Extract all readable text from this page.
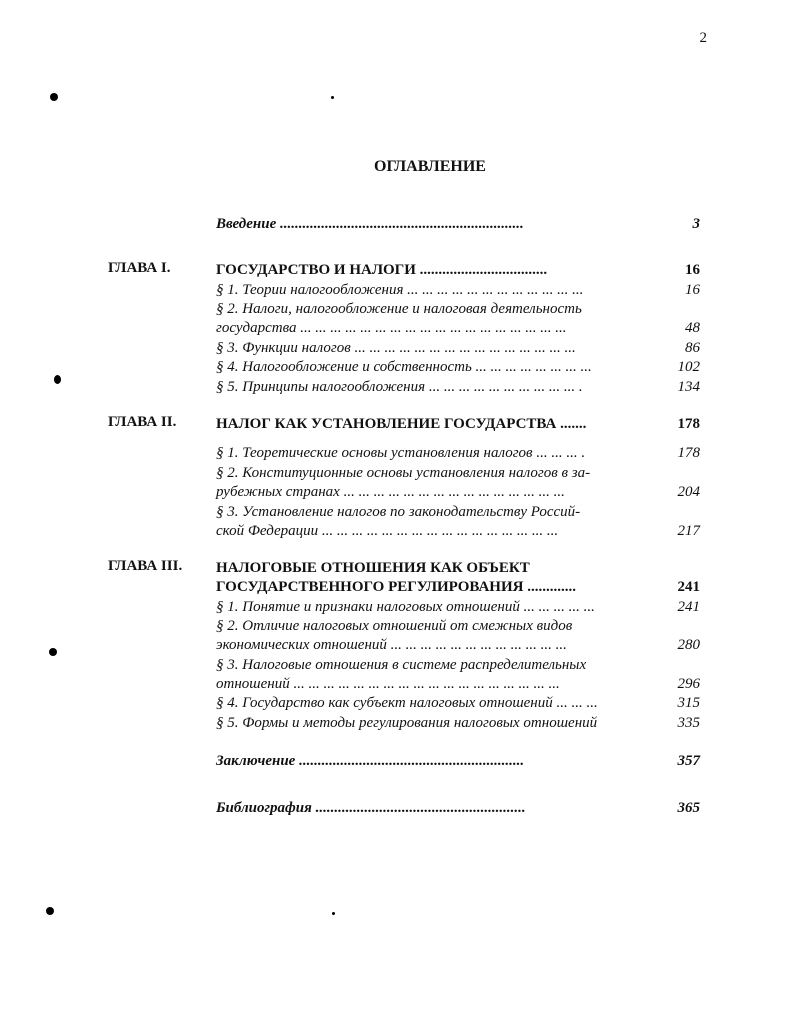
2
ОГЛАВЛЕНИЕ
Введение .................................................................	3
ГЛАВА I.	ГОСУДАРСТВО И НАЛОГИ ..................................	16
§ 1. Теории налогообложения ... ... ... ... ... ... ... ... ... ... ... ...	16
§ 2. Налоги, налогообложение и налоговая деятельность
государства ... ... ... ... ... ... ... ... ... ... ... ... ... ... ... ... ... ...	48
§ 3. Функции налогов ... ... ... ... ... ... ... ... ... ... ... ... ... ... ...	86
§ 4. Налогообложение и собственность ... ... ... ... ... ... ... ...	102
§ 5. Принципы налогообложения ... ... ... ... ... ... ... ... ... ... .	134
ГЛАВА II.	НАЛОГ КАК УСТАНОВЛЕНИЕ ГОСУДАРСТВА .......	178
§ 1. Теоретические основы установления налогов ... ... ... .	178
§ 2. Конституционные основы установления налогов в за-
рубежных странах ... ... ... ... ... ... ... ... ... ... ... ... ... ... ...	204
§ 3. Установление налогов по законодательству Россий-
ской Федерации ... ... ... ... ... ... ... ... ... ... ... ... ... ... ... ...	217
ГЛАВА III. НАЛОГОВЫЕ ОТНОШЕНИЯ КАК ОБЪЕКТ
ГОСУДАРСТВЕННОГО РЕГУЛИРОВАНИЯ .............	241
§ 1. Понятие и признаки налоговых отношений ... ... ... ... ...	241
§ 2. Отличие налоговых отношений от смежных видов
экономических отношений ... ... ... ... ... ... ... ... ... ... ... ...	280
§ 3. Налоговые отношения в системе распределительных
отношений ... ... ... ... ... ... ... ... ... ... ... ... ... ... ... ... ... ...	296
§ 4. Государство как субъект налоговых отношений ... ... ...	315
§ 5. Формы и методы регулирования налоговых отношений	335
Заключение ............................................................	357
Библиография ........................................................	365
